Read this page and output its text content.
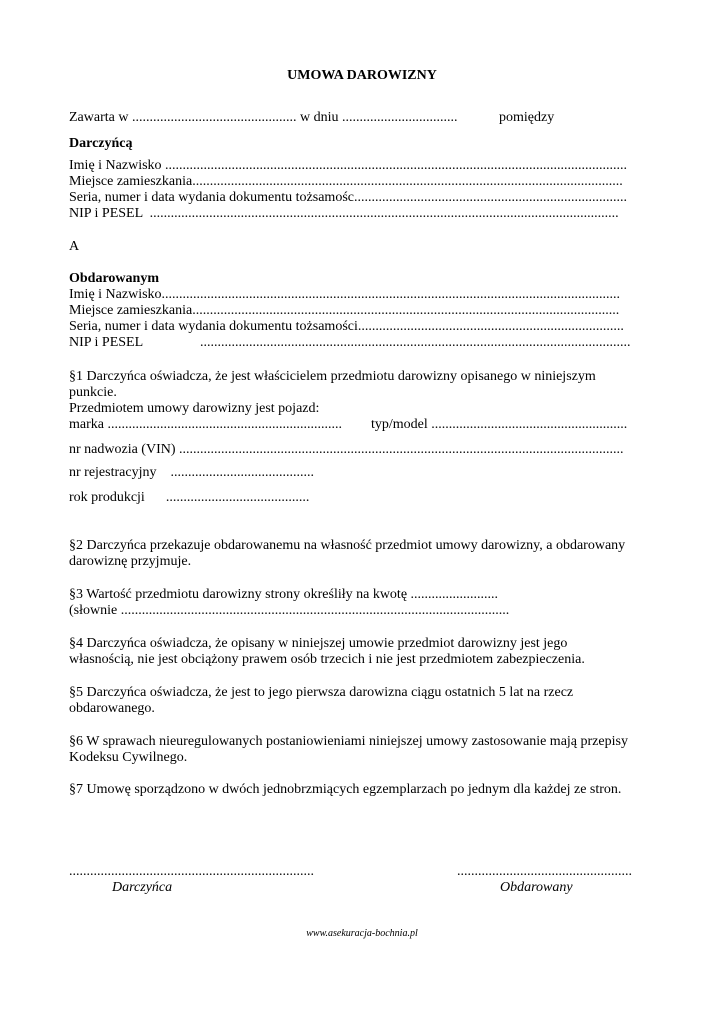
UMOWA DAROWIZNY
Zawarta w ............................................... w dniu .................................	pomiędzy
Darczyńcą
Imię i Nazwisko ....................................................................................................................................
Miejsce zamieszkania...........................................................................................................................
Seria, numer i data wydania dokumentu tożsamośc..............................................................................
NIP i PESEL  ......................................................................................................................................
A
Obdarowanym
Imię i Nazwisko...................................................................................................................................
Miejsce zamieszkania..........................................................................................................................
Seria, numer i data wydania dokumentu tożsamości............................................................................
NIP i PESEL	...........................................................................................................................
§1 Darczyńca oświadcza, że jest właścicielem przedmiotu darowizny opisanego w niniejszym
punkcie.
Przedmiotem umowy darowizny jest pojazd:
marka ................................................................... typ/model ........................................................
nr nadwozia (VIN) ...............................................................................................................................
nr rejestracyjny    .........................................
rok produkcji      .........................................
§2 Darczyńca przekazuje obdarowanemu na własność przedmiot umowy darowizny, a obdarowany
darowiznę przyjmuje.
§3 Wartość przedmiotu darowizny strony określiły na kwotę .........................
(słownie ...............................................................................................................
§4 Darczyńca oświadcza, że opisany w niniejszej umowie przedmiot darowizny jest jego
własnością, nie jest obciążony prawem osób trzecich i nie jest przedmiotem zabezpieczenia.
§5 Darczyńca oświadcza, że jest to jego pierwsza darowizna ciągu ostatnich 5 lat na rzecz
obdarowanego.
§6 W sprawach nieuregulowanych postaniowieniami niniejszej umowy zastosowanie mają przepisy
Kodeksu Cywilnego.
§7 Umowę sporządzono w dwóch jednobrzmiących egzemplarzach po jednym dla każdej ze stron.
......................................................................	..................................................
Darczyńca	Obdarowany
www.asekuracja-bochnia.pl
